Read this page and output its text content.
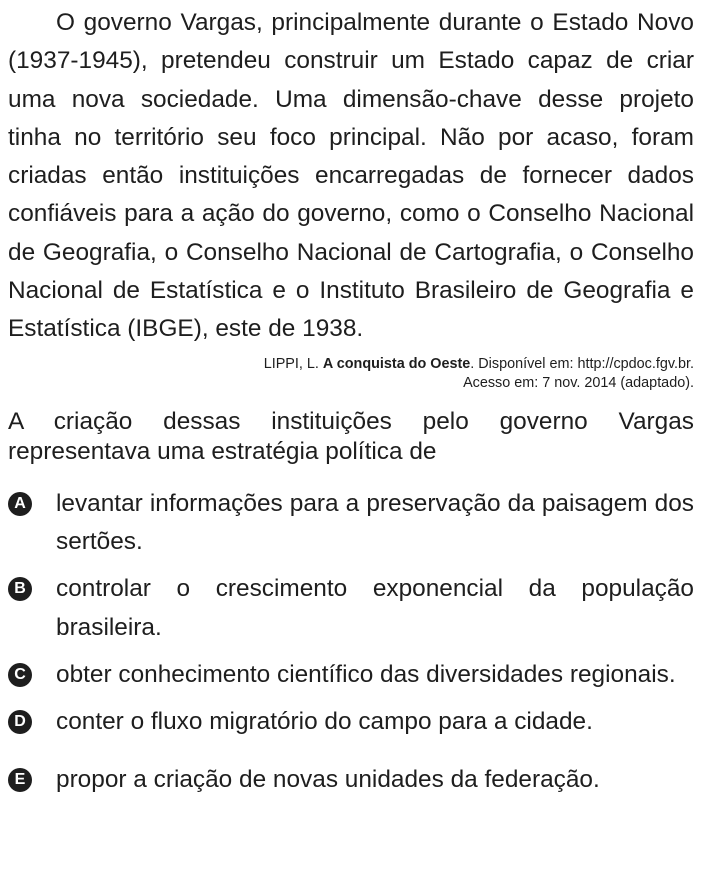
O governo Vargas, principalmente durante o Estado Novo (1937-1945), pretendeu construir um Estado capaz de criar uma nova sociedade. Uma dimensão-chave desse projeto tinha no território seu foco principal. Não por acaso, foram criadas então instituições encarregadas de fornecer dados confiáveis para a ação do governo, como o Conselho Nacional de Geografia, o Conselho Nacional de Cartografia, o Conselho Nacional de Estatística e o Instituto Brasileiro de Geografia e Estatística (IBGE), este de 1938.

LIPPI, L. A conquista do Oeste. Disponível em: http://cpdoc.fgv.br.
Acesso em: 7 nov. 2014 (adaptado).
A criação dessas instituições pelo governo Vargas representava uma estratégia política de
A levantar informações para a preservação da paisagem dos sertões.
B controlar o crescimento exponencial da população brasileira.
C obter conhecimento científico das diversidades regionais.
D conter o fluxo migratório do campo para a cidade.
E propor a criação de novas unidades da federação.
